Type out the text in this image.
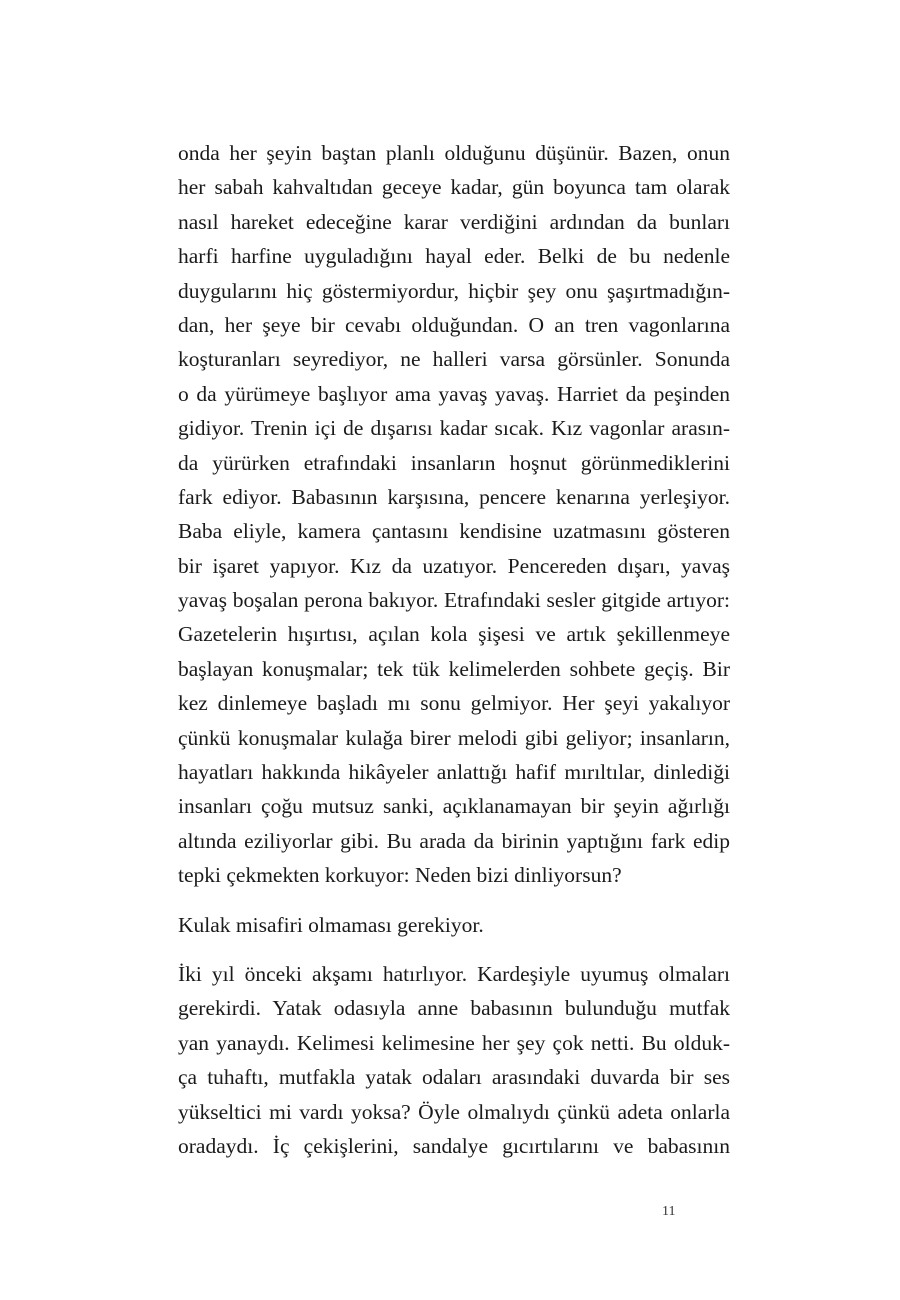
onda her şeyin baştan planlı olduğunu düşünür. Bazen, onun
her sabah kahvaltıdan geceye kadar, gün boyunca tam olarak
nasıl hareket edeceğine karar verdiğini ardından da bunları
harfi harfine uyguladığını hayal eder. Belki de bu nedenle
duygularını hiç göstermiyordur, hiçbir şey onu şaşırtmadığın-
dan, her şeye bir cevabı olduğundan. O an tren vagonlarına
koşturanları seyrediyor, ne halleri varsa görsünler. Sonunda
o da yürümeye başlıyor ama yavaş yavaş. Harriet da peşinden
gidiyor. Trenin içi de dışarısı kadar sıcak. Kız vagonlar arasın-
da yürürken etrafındaki insanların hoşnut görünmediklerini
fark ediyor. Babasının karşısına, pencere kenarına yerleşiyor.
Baba eliyle, kamera çantasını kendisine uzatmasını gösteren
bir işaret yapıyor. Kız da uzatıyor. Pencereden dışarı, yavaş
yavaş boşalan perona bakıyor. Etrafındaki sesler gitgide artıyor:
Gazetelerin hışırtısı, açılan kola şişesi ve artık şekillenmeye
başlayan konuşmalar; tek tük kelimelerden sohbete geçiş. Bir
kez dinlemeye başladı mı sonu gelmiyor. Her şeyi yakalıyor
çünkü konuşmalar kulağa birer melodi gibi geliyor; insanların,
hayatları hakkında hikâyeler anlattığı hafif mırıltılar, dinlediği
insanları çoğu mutsuz sanki, açıklanamayan bir şeyin ağırlığı
altında eziliyorlar gibi. Bu arada da birinin yaptığını fark edip
tepki çekmekten korkuyor: Neden bizi dinliyorsun?
Kulak misafiri olmaması gerekiyor.
İki yıl önceki akşamı hatırlıyor. Kardeşiyle uyumuş olmaları
gerekirdi. Yatak odasıyla anne babasının bulunduğu mutfak
yan yanaydı. Kelimesi kelimesine her şey çok netti. Bu olduk-
ça tuhaftı, mutfakla yatak odaları arasındaki duvarda bir ses
yükseltici mi vardı yoksa? Öyle olmalıydı çünkü adeta onlarla
oradaydı. İç çekişlerini, sandalye gıcırtılarını ve babasının
11
